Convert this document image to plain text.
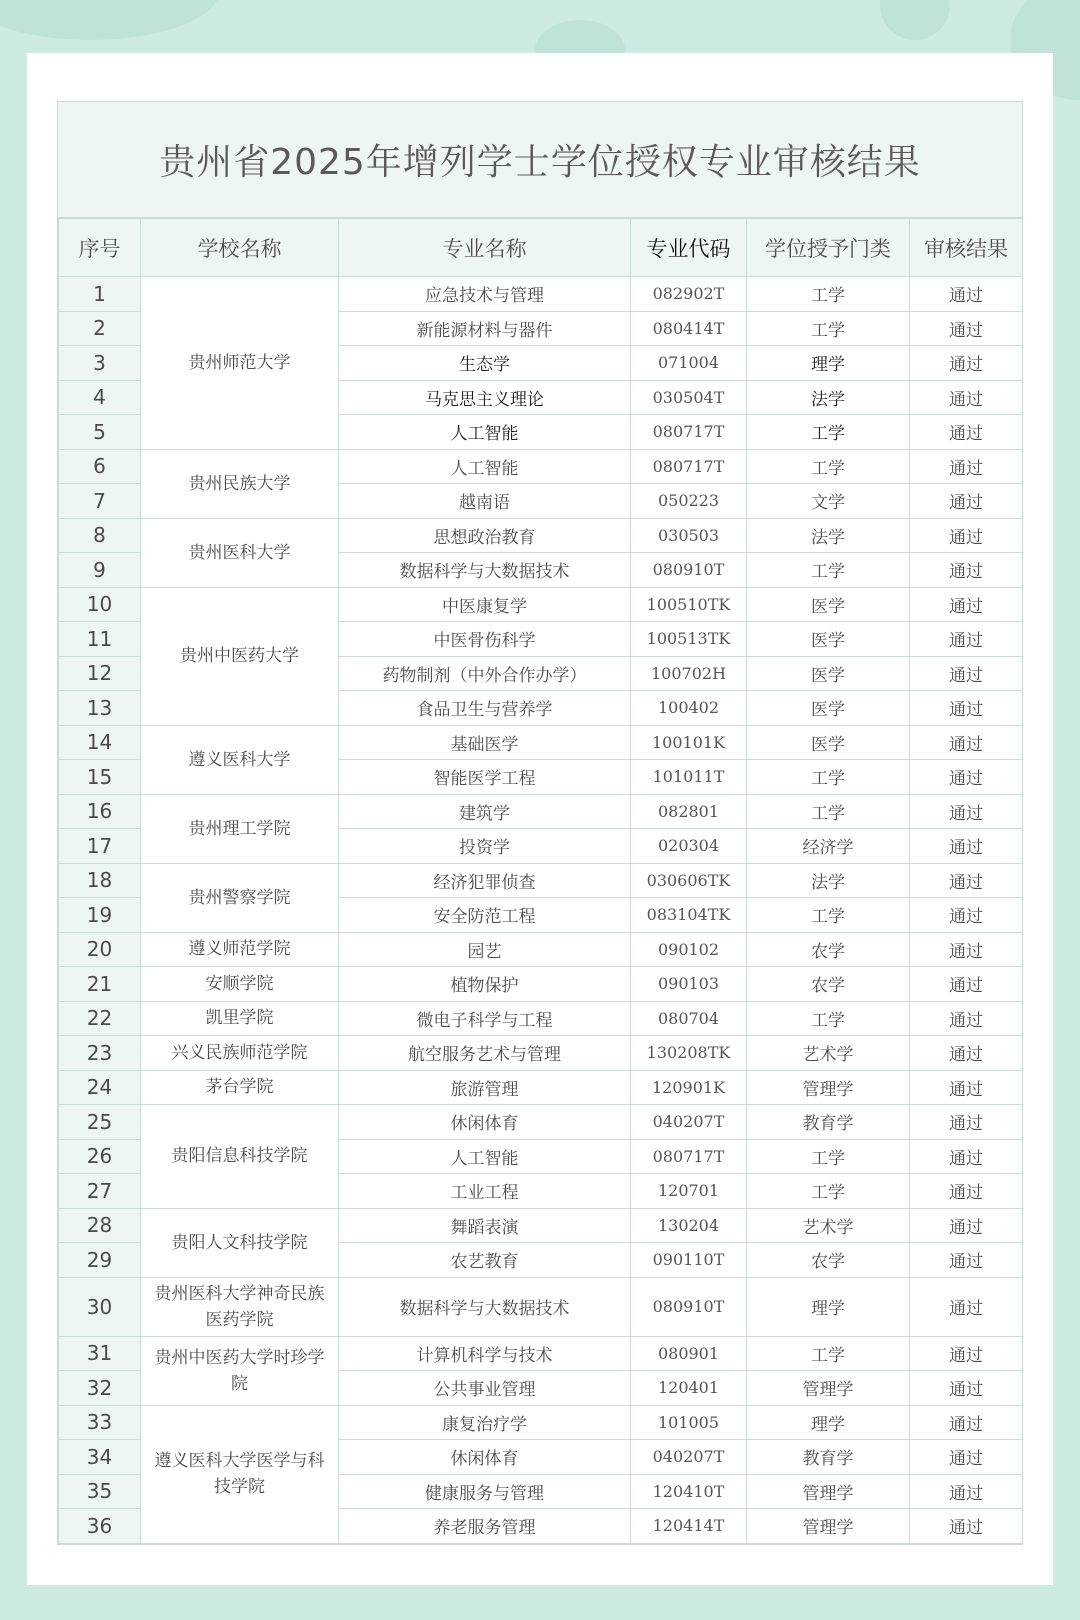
贵州省2025年增列学士学位授权专业审核结果
序号	学校名称	专业名称	专业代码	学位授予门类	审核结果
1	贵州师范大学	应急技术与管理	082902T	工学	通过
2		新能源材料与器件	080414T	工学	通过
3		生态学	071004	理学	通过
4		马克思主义理论	030504T	法学	通过
5		人工智能	080717T	工学	通过
6	贵州民族大学	人工智能	080717T	工学	通过
7		越南语	050223	文学	通过
8	贵州医科大学	思想政治教育	030503	法学	通过
9		数据科学与大数据技术	080910T	工学	通过
10	贵州中医药大学	中医康复学	100510TK	医学	通过
11		中医骨伤科学	100513TK	医学	通过
12		药物制剂（中外合作办学）	100702H	医学	通过
13		食品卫生与营养学	100402	医学	通过
14	遵义医科大学	基础医学	100101K	医学	通过
15		智能医学工程	101011T	工学	通过
16	贵州理工学院	建筑学	082801	工学	通过
17		投资学	020304	经济学	通过
18	贵州警察学院	经济犯罪侦查	030606TK	法学	通过
19		安全防范工程	083104TK	工学	通过
20	遵义师范学院	园艺	090102	农学	通过
21	安顺学院	植物保护	090103	农学	通过
22	凯里学院	微电子科学与工程	080704	工学	通过
23	兴义民族师范学院	航空服务艺术与管理	130208TK	艺术学	通过
24	茅台学院	旅游管理	120901K	管理学	通过
25	贵阳信息科技学院	休闲体育	040207T	教育学	通过
26		人工智能	080717T	工学	通过
27		工业工程	120701	工学	通过
28	贵阳人文科技学院	舞蹈表演	130204	艺术学	通过
29		农艺教育	090110T	农学	通过
30	贵州医科大学神奇民族医药学院	数据科学与大数据技术	080910T	理学	通过
31	贵州中医药大学时珍学院	计算机科学与技术	080901	工学	通过
32		公共事业管理	120401	管理学	通过
33	遵义医科大学医学与科技学院	康复治疗学	101005	理学	通过
34		休闲体育	040207T	教育学	通过
35		健康服务与管理	120410T	管理学	通过
36		养老服务管理	120414T	管理学	通过
